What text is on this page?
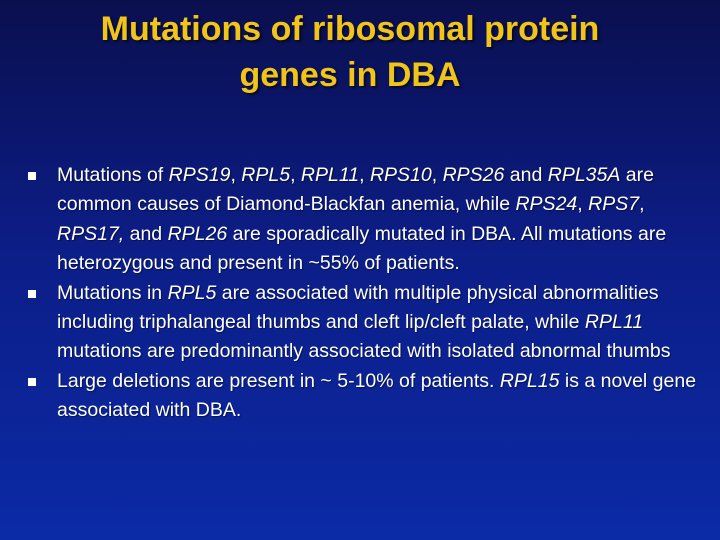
Mutations of ribosomal protein
genes in DBA
Mutations of RPS19, RPL5, RPL11, RPS10, RPS26 and RPL35A are common causes of Diamond-Blackfan anemia, while RPS24, RPS7, RPS17, and RPL26 are sporadically mutated in DBA. All mutations are heterozygous and present in ~55% of patients.
Mutations in RPL5 are associated with multiple physical abnormalities including triphalangeal thumbs and cleft lip/cleft palate, while RPL11 mutations are predominantly associated with isolated abnormal thumbs
Large deletions are present in ~ 5-10% of patients. RPL15 is a novel gene associated with DBA.
